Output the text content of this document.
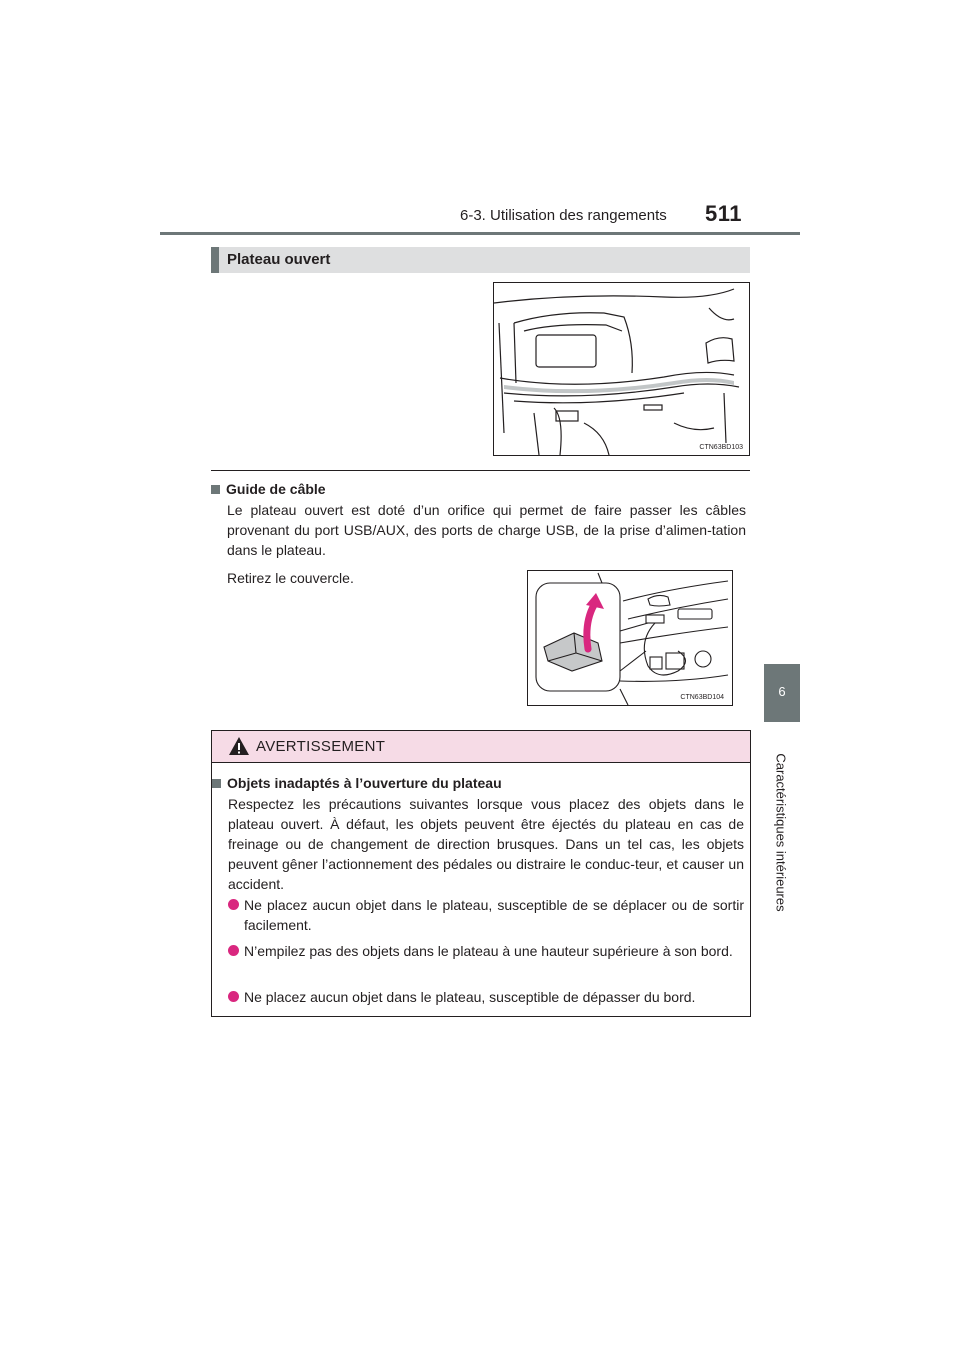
6-3. Utilisation des rangements 511
6
Caractéristiques intérieures
Plateau ouvert
CTN63BD103
Guide de câble
Le plateau ouvert est doté d’un orifice qui permet de faire passer les câbles provenant du port USB/AUX, des ports de charge USB, de la prise d’alimen-tation dans le plateau.
Retirez le couvercle.
CTN63BD104
AVERTISSEMENT
Objets inadaptés à l’ouverture du plateau
Respectez les précautions suivantes lorsque vous placez des objets dans le plateau ouvert. À défaut, les objets peuvent être éjectés du plateau en cas de freinage ou de changement de direction brusques. Dans un tel cas, les objets peuvent gêner l’actionnement des pédales ou distraire le conduc-teur, et causer un accident.
Ne placez aucun objet dans le plateau, susceptible de se déplacer ou de sortir facilement.
N’empilez pas des objets dans le plateau à une hauteur supérieure à son bord.
Ne placez aucun objet dans le plateau, susceptible de dépasser du bord.
